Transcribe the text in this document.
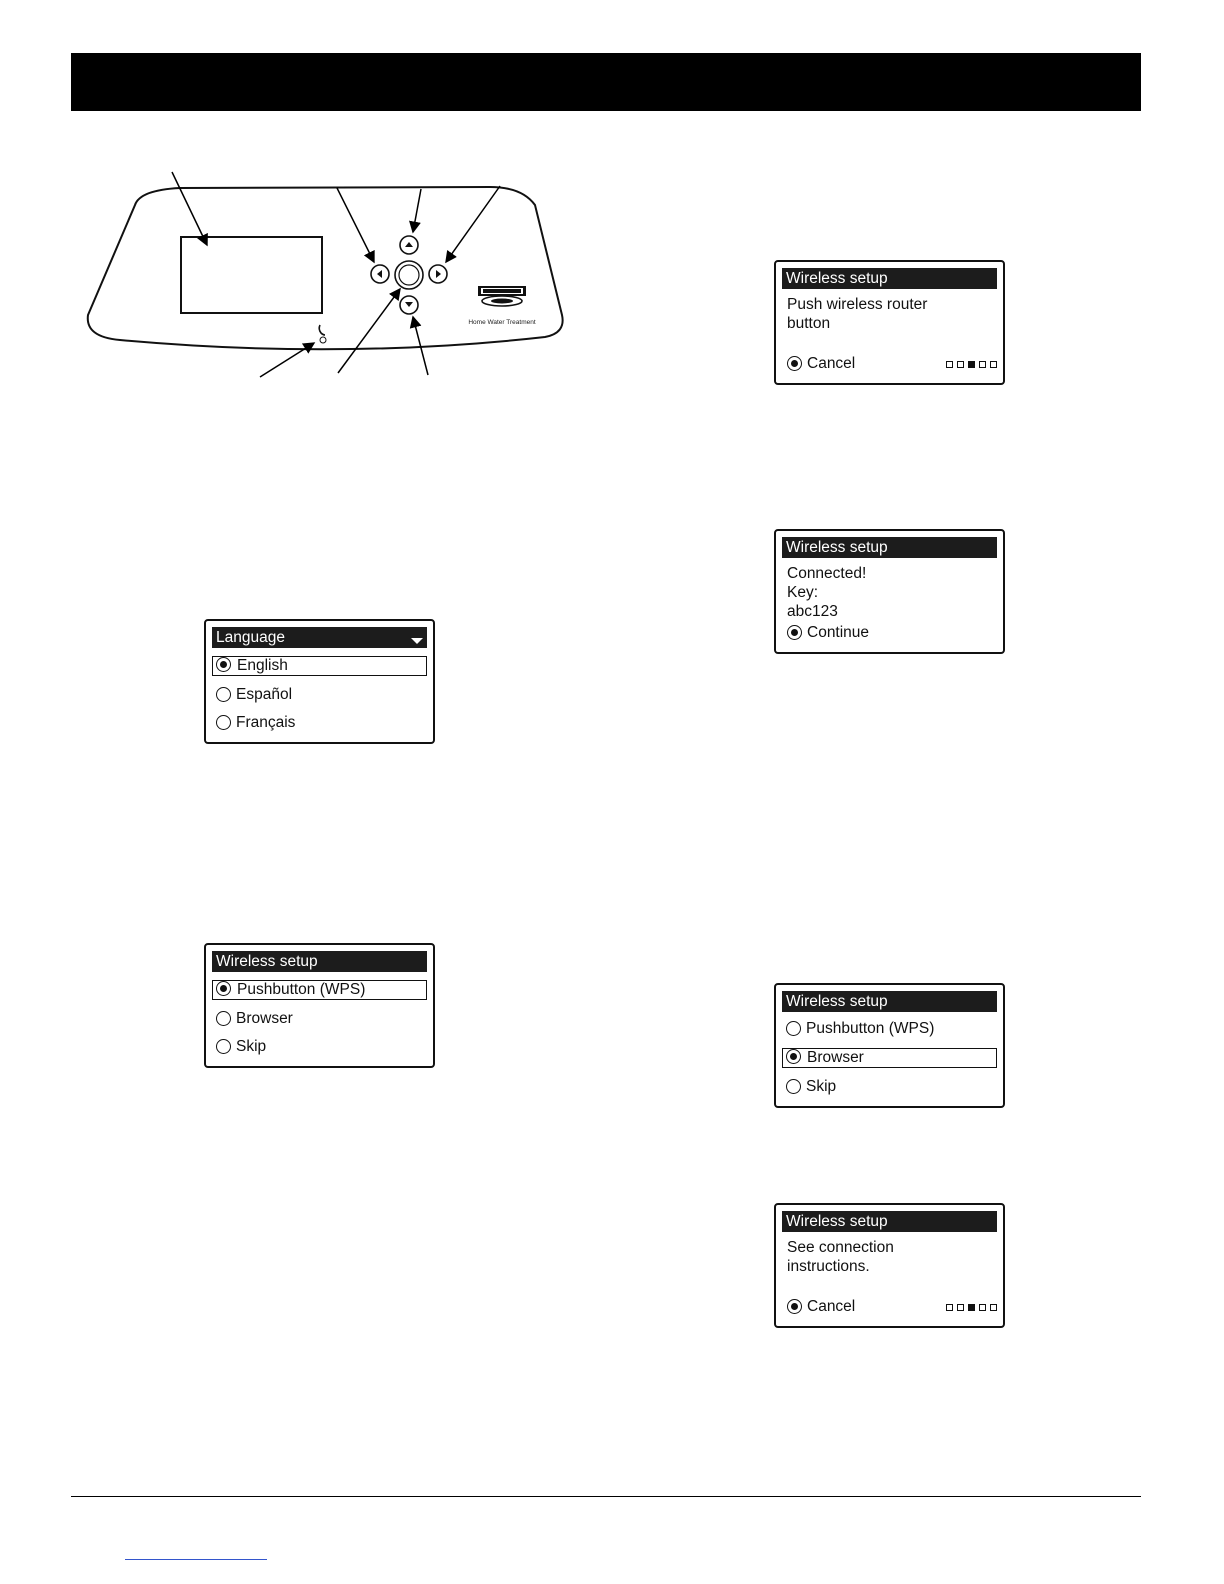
Home Water Treatment
Language
English
Español
Français
Wireless setup
Pushbutton (WPS)
Browser
Skip
Wireless setup
Push wireless router
button
Cancel
Wireless setup
Connected!
Key:
abc123
Continue
Wireless setup
Pushbutton (WPS)
Browser
Skip
Wireless setup
See connection
instructions.
Cancel
